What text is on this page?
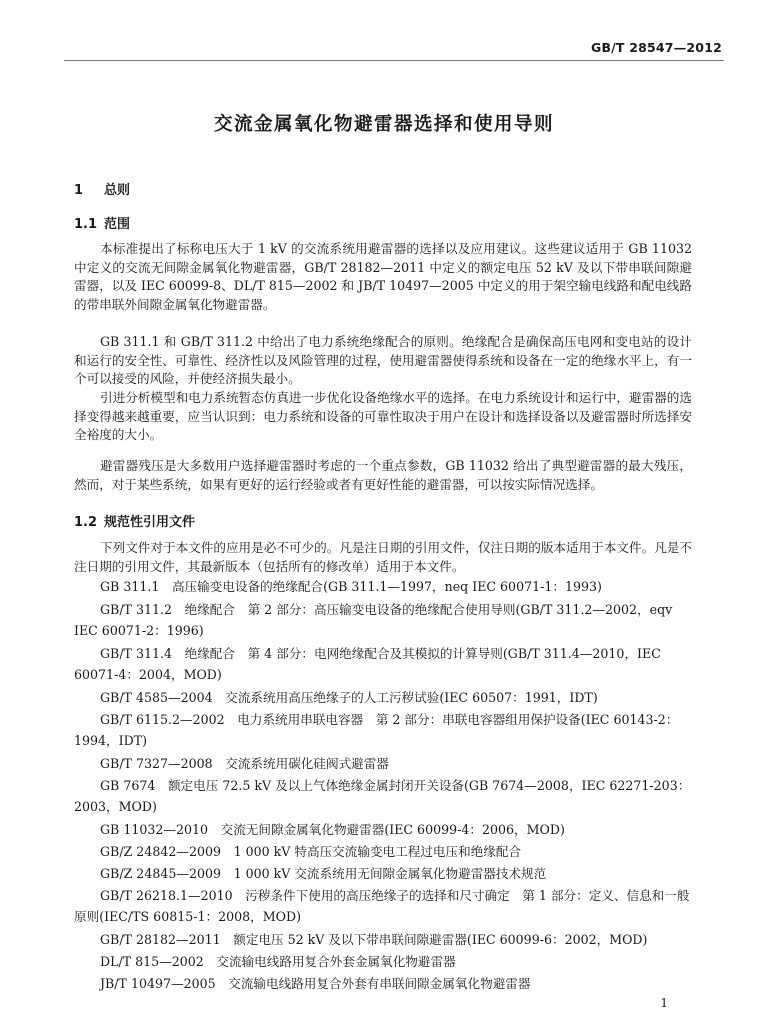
GB/T 28547—2012
交流金属氧化物避雷器选择和使用导则
1 总则
1.1 范围

本标准提出了标称电压大于 1 kV 的交流系统用避雷器的选择以及应用建议。这些建议适用于 GB 11032 中定义的交流无间隙金属氧化物避雷器，GB/T 28182—2011 中定义的额定电压 52 kV 及以下带串联间隙避雷器，以及 IEC 60099-8、DL/T 815—2002 和 JB/T 10497—2005 中定义的用于架空输电线路和配电线路的带串联外间隙金属氧化物避雷器。

GB 311.1 和 GB/T 311.2 中给出了电力系统绝缘配合的原则。绝缘配合是确保高压电网和变电站的设计和运行的安全性、可靠性、经济性以及风险管理的过程，使用避雷器使得系统和设备在一定的绝缘水平上，有一个可以接受的风险，并使经济损失最小。

引进分析模型和电力系统暂态仿真进一步优化设备绝缘水平的选择。在电力系统设计和运行中，避雷器的选择变得越来越重要，应当认识到：电力系统和设备的可靠性取决于用户在设计和选择设备以及避雷器时所选择安全裕度的大小。

避雷器残压是大多数用户选择避雷器时考虑的一个重点参数，GB 11032 给出了典型避雷器的最大残压，然而，对于某些系统，如果有更好的运行经验或者有更好性能的避雷器，可以按实际情况选择。

1.2 规范性引用文件

下列文件对于本文件的应用是必不可少的。凡是注日期的引用文件，仅注日期的版本适用于本文件。凡是不注日期的引用文件，其最新版本（包括所有的修改单）适用于本文件。

GB 311.1　高压输变电设备的绝缘配合(GB 311.1—1997，neq IEC 60071-1：1993)
GB/T 311.2　绝缘配合　第 2 部分：高压输变电设备的绝缘配合使用导则(GB/T 311.2—2002，eqv IEC 60071-2：1996)
GB/T 311.4　绝缘配合　第 4 部分：电网绝缘配合及其模拟的计算导则(GB/T 311.4—2010，IEC 60071-4：2004，MOD)
GB/T 4585—2004　交流系统用高压绝缘子的人工污秽试验(IEC 60507：1991，IDT)
GB/T 6115.2—2002　电力系统用串联电容器　第 2 部分：串联电容器组用保护设备(IEC 60143-2：1994，IDT)
GB/T 7327—2008　交流系统用碳化硅阀式避雷器
GB 7674　额定电压 72.5 kV 及以上气体绝缘金属封闭开关设备(GB 7674—2008，IEC 62271-203：2003，MOD)
GB 11032—2010　交流无间隙金属氧化物避雷器(IEC 60099-4：2006，MOD)
GB/Z 24842—2009　1 000 kV 特高压交流输变电工程过电压和绝缘配合
GB/Z 24845—2009　1 000 kV 交流系统用无间隙金属氧化物避雷器技术规范
GB/T 26218.1—2010　污秽条件下使用的高压绝缘子的选择和尺寸确定　第 1 部分：定义、信息和一般原则(IEC/TS 60815-1：2008，MOD)
GB/T 28182—2011　额定电压 52 kV 及以下带串联间隙避雷器(IEC 60099-6：2002，MOD)
DL/T 815—2002　交流输电线路用复合外套金属氧化物避雷器
JB/T 10497—2005　交流输电线路用复合外套有串联间隙金属氧化物避雷器
1
